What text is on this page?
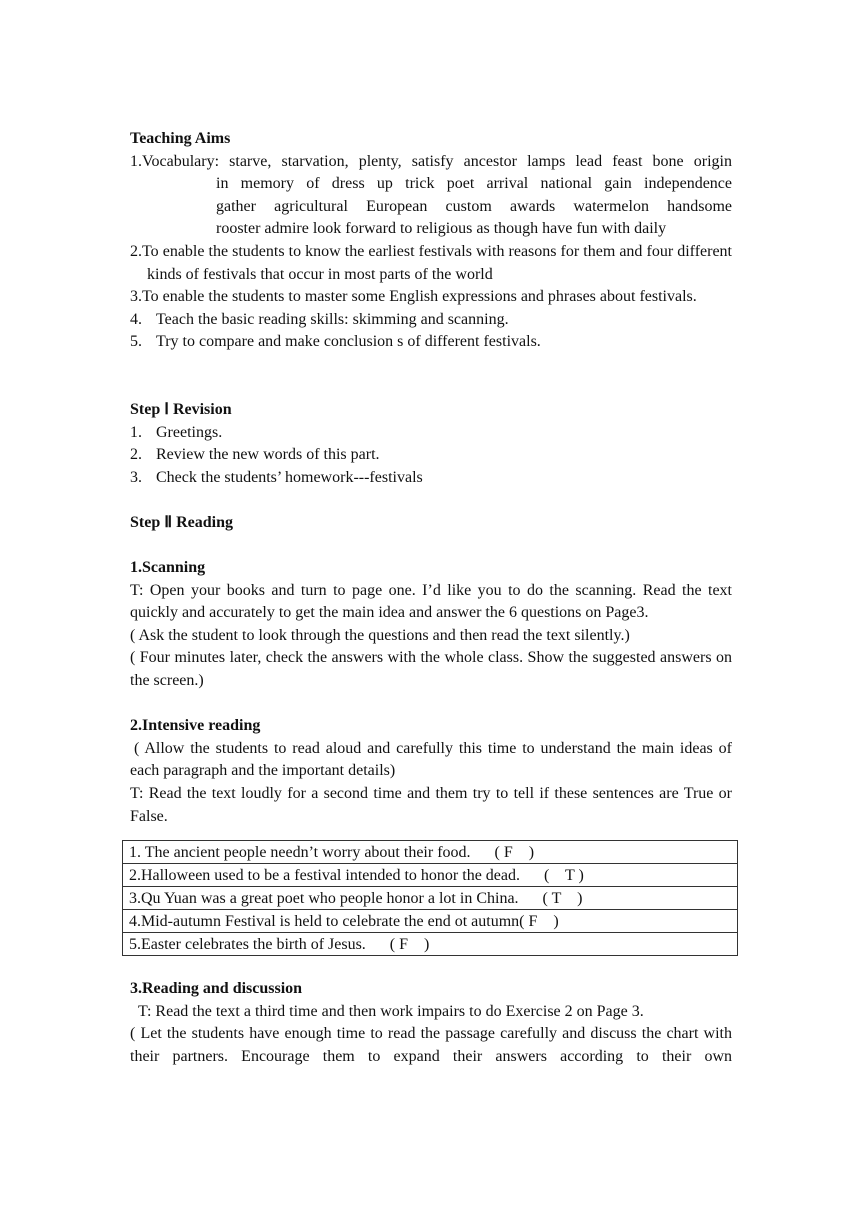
Teaching Aims
1.Vocabulary: starve, starvation, plenty, satisfy ancestor lamps lead feast bone origin
in memory of dress up trick poet arrival national gain independence
gather agricultural European custom awards watermelon handsome
rooster admire look forward to religious as though have fun with daily
2.To enable the students to know the earliest festivals with reasons for them and four different kinds of festivals that occur in most parts of the world
3.To enable the students to master some English expressions and phrases about festivals.
4. Teach the basic reading skills: skimming and scanning.
5. Try to compare and make conclusion s of different festivals.
Step Ⅰ Revision
1. Greetings.
2. Review the new words of this part.
3. Check the students’ homework---festivals
Step Ⅱ Reading
1.Scanning
T: Open your books and turn to page one. I’d like you to do the scanning. Read the text quickly and accurately to get the main idea and answer the 6 questions on Page3.
( Ask the student to look through the questions and then read the text silently.)
( Four minutes later, check the answers with the whole class. Show the suggested answers on the screen.)
2.Intensive reading
( Allow the students to read aloud and carefully this time to understand the main ideas of each paragraph and the important details)
T: Read the text loudly for a second time and them try to tell if these sentences are True or False.
1. The ancient people needn’t worry about their food.      ( F    )
2.Halloween used to be a festival intended to honor the dead.      (    T )
3.Qu Yuan was a great poet who people honor a lot in China.      ( T    )
4.Mid-autumn Festival is held to celebrate the end ot autumn( F    )
5.Easter celebrates the birth of Jesus.      ( F    )
3.Reading and discussion
T: Read the text a third time and then work impairs to do Exercise 2 on Page 3.
( Let the students have enough time to read the passage carefully and discuss the chart with their partners. Encourage them to expand their answers according to their own
